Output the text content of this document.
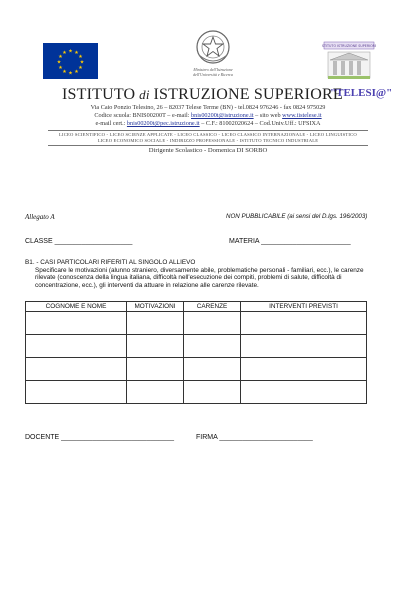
★ ★
★
★
★
★
★
★
★
★
★
★
Ministero dell'Istruzione
dell'Università e Ricerca
ISTITUTO ISTRUZIONE SUPERIORE
ISTITUTO di ISTRUZIONE SUPERIORE
"TELESI@"
Via Caio Ponzio Telesino, 26 – 82037 Telese Terme (BN) - tel.0824 976246 - fax 0824 975029
Codice scuola: BNIS00200T – e-mail: bnis00200t@istruzione.it – sito web www.iistelese.it
e-mail cert.: bnis00200t@pec.istruzione.it – C.F.: 81002020624 – Cod.Univ.Uff.: UFSIXA
LICEO SCIENTIFICO - LICEO SCIENZE APPLICATE - LICEO CLASSICO - LICEO CLASSICO INTERNAZIONALE - LICEO LINGUISTICO
LICEO ECONOMICO SOCIALE - INDIRIZZO PROFESSIONALE - ISTITUTO TECNICO INDUSTRIALE
Dirigente Scolastico - Domenica DI SORBO
Allegato A	NON PUBBLICABILE (ai sensi del D.lgs. 196/2003)
CLASSE ____________________	MATERIA _______________________

B1. - CASI PARTICOLARI RIFERITI AL SINGOLO ALLIEVO

Specificare le motivazioni (alunno straniero, diversamente abile, problematiche personali - familiari, ecc.), le carenze rilevate (conoscenza della lingua italiana, difficoltà nell'esecuzione dei compiti, problemi di salute, difficoltà di concentrazione, ecc.), gli interventi da attuare in relazione alle carenze rilevate.

COGNOME E NOME	MOTIVAZIONI	CARENZE	INTERVENTI PREVISTI

DOCENTE _____________________________	FIRMA ________________________
